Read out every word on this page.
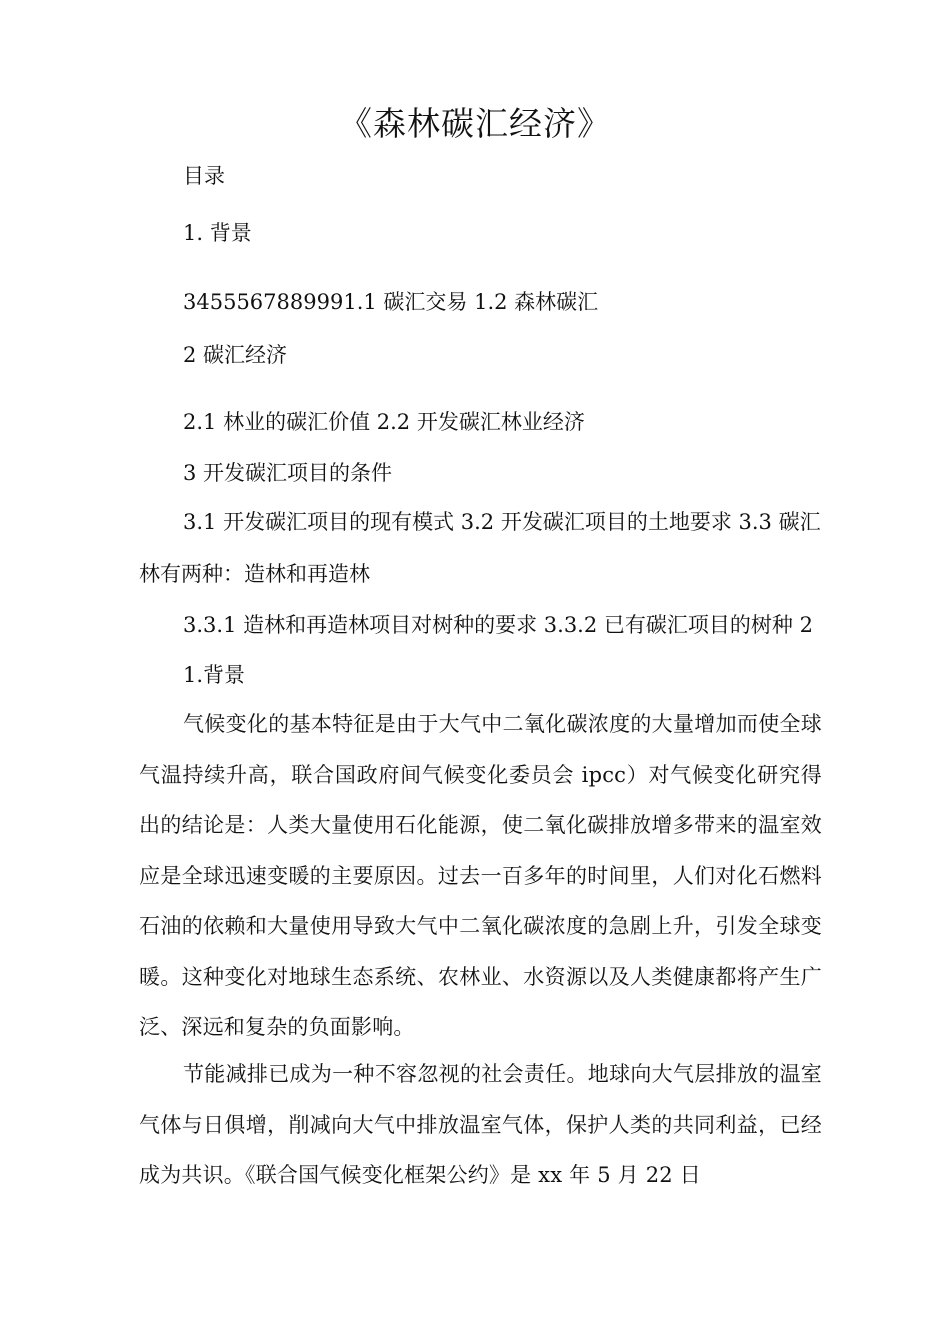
《森林碳汇经济》
目录
1. 背景
3455567889991.1 碳汇交易 1.2 森林碳汇
2 碳汇经济
2.1 林业的碳汇价值 2.2 开发碳汇林业经济
3 开发碳汇项目的条件
3.1 开发碳汇项目的现有模式 3.2 开发碳汇项目的土地要求 3.3 碳汇林有两种：造林和再造林
3.3.1 造林和再造林项目对树种的要求 3.3.2 已有碳汇项目的树种 2
1.背景
气候变化的基本特征是由于大气中二氧化碳浓度的大量增加而使全球气温持续升高，联合国政府间气候变化委员会 ipcc）对气候变化研究得出的结论是：人类大量使用石化能源，使二氧化碳排放增多带来的温室效应是全球迅速变暖的主要原因。过去一百多年的时间里，人们对化石燃料石油的依赖和大量使用导致大气中二氧化碳浓度的急剧上升，引发全球变暖。这种变化对地球生态系统、农林业、水资源以及人类健康都将产生广泛、深远和复杂的负面影响。
节能减排已成为一种不容忽视的社会责任。地球向大气层排放的温室气体与日俱增，削减向大气中排放温室气体，保护人类的共同利益，已经成为共识。《联合国气候变化框架公约》是 xx 年 5 月 22 日
